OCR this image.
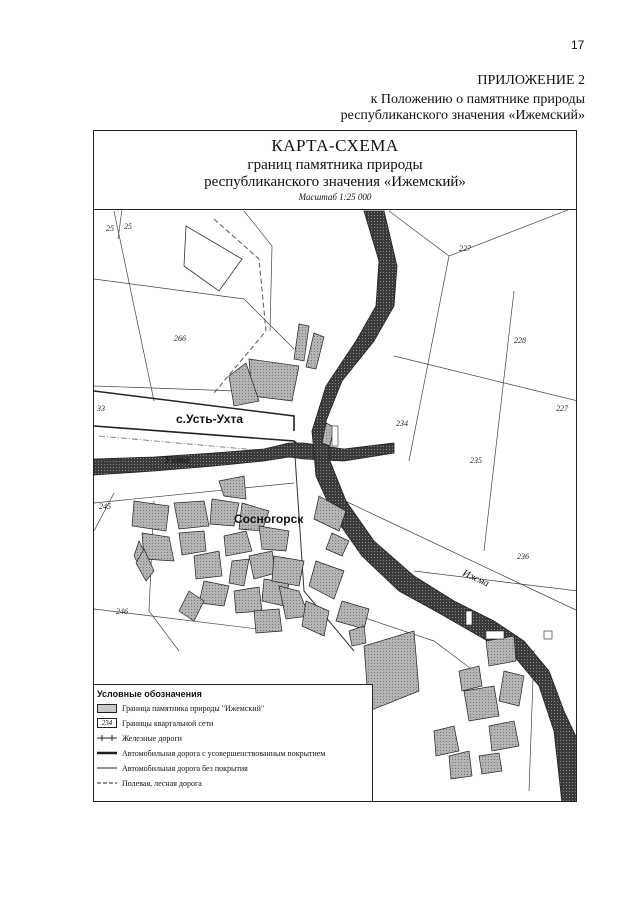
17
ПРИЛОЖЕНИЕ 2
к Положению о памятнике природы
республиканского значения «Ижемский»
25 25
266
227
228
234
235
236
245
246
33	227
Ухта
Ижма
с.Усть-Ухта
Сосногорск
КАРТА-СХЕМА
границ памятника природы
республиканского значения «Ижемский»
Масштаб 1:25 000
Условные обозначения
Граница памятника природы "Ижемский"
234	Границы квартальной сети
Железные дороги
Автомобильная дорога с усовершенствованным покрытием
Автомобильная дорога без покрытия
Полевая, лесная дорога
